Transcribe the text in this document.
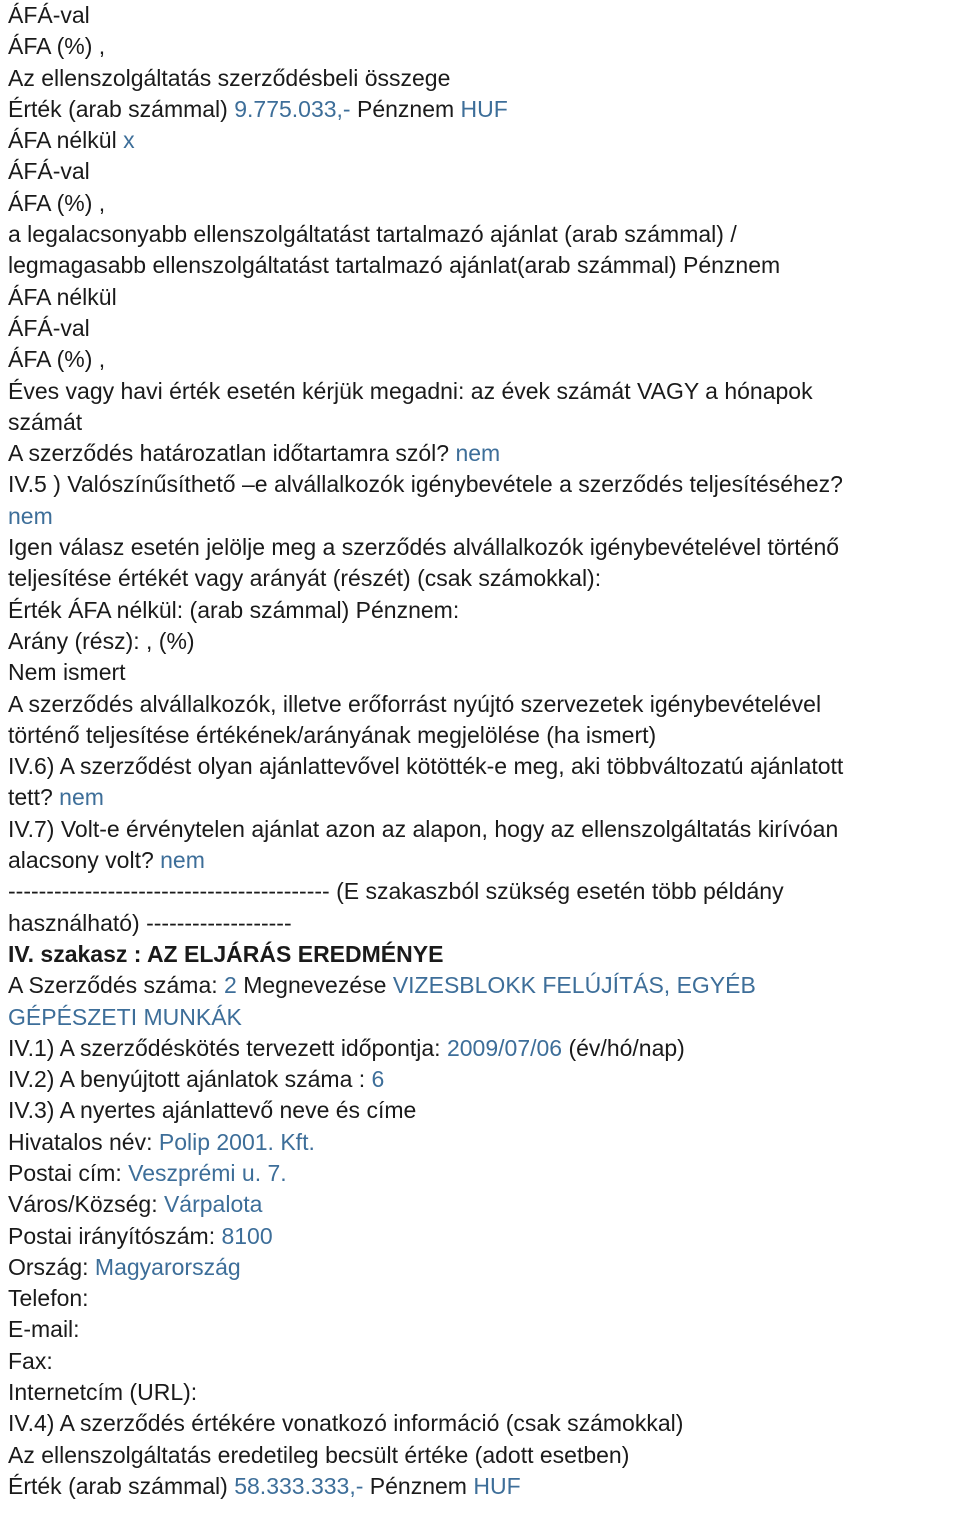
ÁFÁ-val
ÁFA (%) ,
Az ellenszolgáltatás szerződésbeli összege
Érték (arab számmal) 9.775.033,- Pénznem HUF
ÁFA nélkül x
ÁFÁ-val
ÁFA (%) ,
a legalacsonyabb ellenszolgáltatást tartalmazó ajánlat (arab számmal) /
legmagasabb ellenszolgáltatást tartalmazó ajánlat(arab számmal) Pénznem
ÁFA nélkül
ÁFÁ-val
ÁFA (%) ,
Éves vagy havi érték esetén kérjük megadni: az évek számát VAGY a hónapok
számát
A szerződés határozatlan időtartamra szól? nem
IV.5 ) Valószínűsíthető –e alvállalkozók igénybevétele a szerződés teljesítéséhez?
nem
Igen válasz esetén jelölje meg a szerződés alvállalkozók igénybevételével történő
teljesítése értékét vagy arányát (részét) (csak számokkal):
Érték ÁFA nélkül: (arab számmal) Pénznem:
Arány (rész): , (%)
Nem ismert
A szerződés alvállalkozók, illetve erőforrást nyújtó szervezetek igénybevételével
történő teljesítése értékének/arányának megjelölése (ha ismert)
IV.6) A szerződést olyan ajánlattevővel kötötték-e meg, aki többváltozatú ajánlatott
tett? nem
IV.7) Volt-e érvénytelen ajánlat azon az alapon, hogy az ellenszolgáltatás kirívóan
alacsony volt? nem
------------------------------------------ (E szakaszból szükség esetén több példány
használható) -------------------
IV. szakasz : AZ ELJÁRÁS EREDMÉNYE
A Szerződés száma: 2 Megnevezése VIZESBLOKK FELÚJÍTÁS, EGYÉB
GÉPÉSZETI MUNKÁK
IV.1) A szerződéskötés tervezett időpontja: 2009/07/06 (év/hó/nap)
IV.2) A benyújtott ajánlatok száma : 6
IV.3) A nyertes ajánlattevő neve és címe
Hivatalos név: Polip 2001. Kft.
Postai cím: Veszprémi u. 7.
Város/Község: Várpalota
Postai irányítószám: 8100
Ország: Magyarország
Telefon:
E-mail:
Fax:
Internetcím (URL):
IV.4) A szerződés értékére vonatkozó információ (csak számokkal)
Az ellenszolgáltatás eredetileg becsült értéke (adott esetben)
Érték (arab számmal) 58.333.333,- Pénznem HUF
